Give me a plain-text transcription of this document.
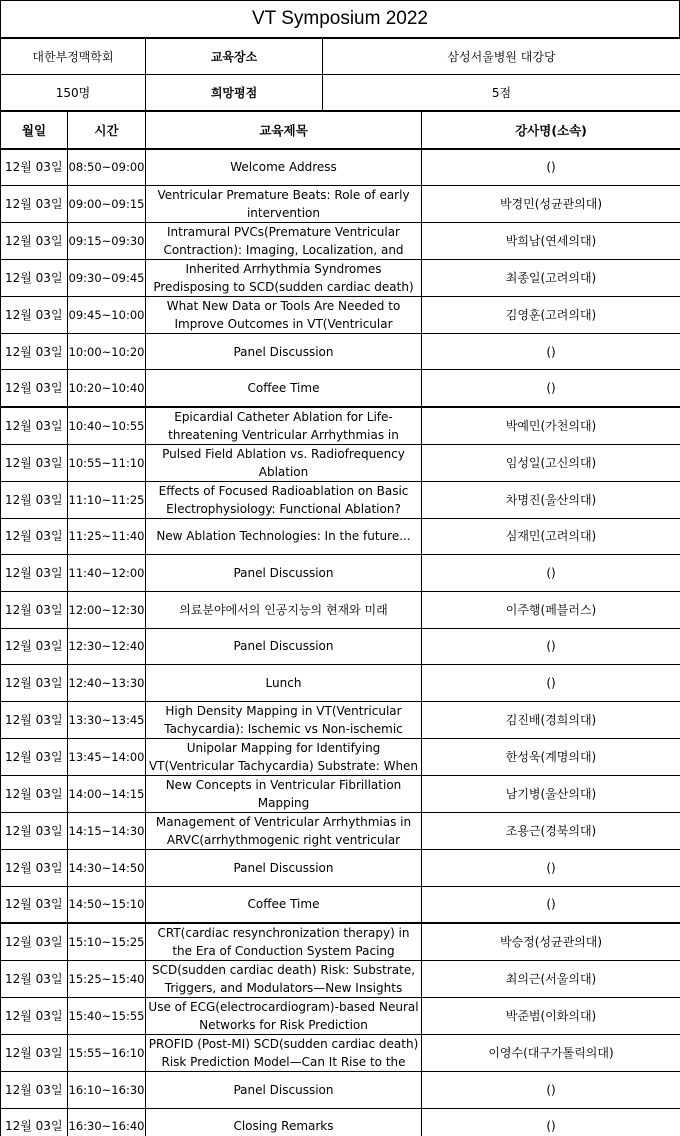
VT Symposium 2022
대한부정맥학회	교육장소	삼성서울병원 대강당
150명	희망평점	5점
월일	시간	교육제목	강사명(소속)
12월 03일	08:50~09:00	Welcome Address	()
12월 03일	09:00~09:15	Ventricular Premature Beats: Role of early intervention	박경민(성균관의대)
12월 03일	09:15~09:30	Intramural PVCs(Premature Ventricular Contraction): Imaging, Localization, and	박희남(연세의대)
12월 03일	09:30~09:45	Inherited Arrhythmia Syndromes Predisposing to SCD(sudden cardiac death)	최종일(고려의대)
12월 03일	09:45~10:00	What New Data or Tools Are Needed to Improve Outcomes in VT(Ventricular	김영훈(고려의대)
12월 03일	10:00~10:20	Panel Discussion	()
12월 03일	10:20~10:40	Coffee Time	()
12월 03일	10:40~10:55	Epicardial Catheter Ablation for Life-threatening Ventricular Arrhythmias in	박예민(가천의대)
12월 03일	10:55~11:10	Pulsed Field Ablation vs. Radiofrequency Ablation	임성일(고신의대)
12월 03일	11:10~11:25	Effects of Focused Radioablation on Basic Electrophysiology: Functional Ablation?	차명진(울산의대)
12월 03일	11:25~11:40	New Ablation Technologies: In the future...	심재민(고려의대)
12월 03일	11:40~12:00	Panel Discussion	()
12월 03일	12:00~12:30	의료분야에서의 인공지능의 현재와 미래	이주행(페블러스)
12월 03일	12:30~12:40	Panel Discussion	()
12월 03일	12:40~13:30	Lunch	()
12월 03일	13:30~13:45	High Density Mapping in VT(Ventricular Tachycardia): Ischemic vs Non-ischemic	김진배(경희의대)
12월 03일	13:45~14:00	Unipolar Mapping for Identifying VT(Ventricular Tachycardia) Substrate: When	한성욱(계명의대)
12월 03일	14:00~14:15	New Concepts in Ventricular Fibrillation Mapping	남기병(울산의대)
12월 03일	14:15~14:30	Management of Ventricular Arrhythmias in ARVC(arrhythmogenic right ventricular	조용근(경북의대)
12월 03일	14:30~14:50	Panel Discussion	()
12월 03일	14:50~15:10	Coffee Time	()
12월 03일	15:10~15:25	CRT(cardiac resynchronization therapy) in the Era of Conduction System Pacing	박승정(성균관의대)
12월 03일	15:25~15:40	SCD(sudden cardiac death) Risk: Substrate, Triggers, and Modulators—New Insights	최의근(서울의대)
12월 03일	15:40~15:55	Use of ECG(electrocardiogram)-based Neural Networks for Risk Prediction	박준범(이화의대)
12월 03일	15:55~16:10	PROFID (Post-MI) SCD(sudden cardiac death) Risk Prediction Model—Can It Rise to the	이영수(대구가톨릭의대)
12월 03일	16:10~16:30	Panel Discussion	()
12월 03일	16:30~16:40	Closing Remarks	()
